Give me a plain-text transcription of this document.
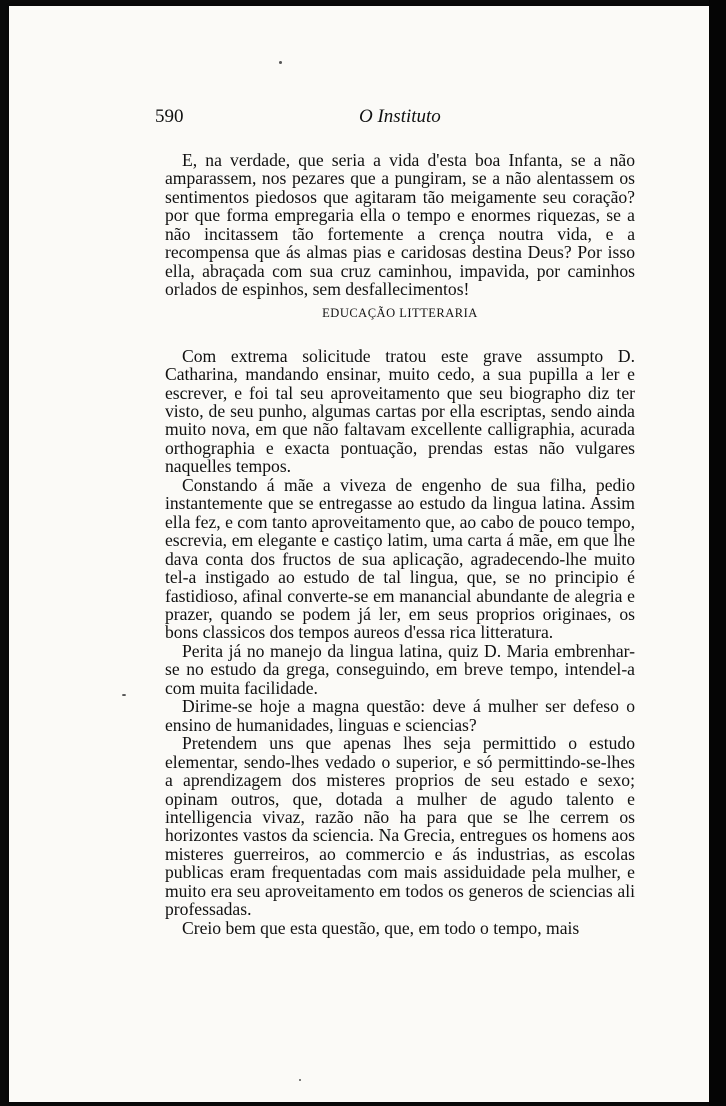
590	O Instituto

E, na verdade, que seria a vida d'esta boa Infanta, se a não amparassem, nos pezares que a pungiram, se a não alentassem os sentimentos piedosos que agitaram tão meigamente seu coração? por que forma empregaria ella o tempo e enormes riquezas, se a não incitassem tão fortemente a crença noutra vida, e a recompensa que ás almas pias e caridosas destina Deus? Por isso ella, abraçada com sua cruz caminhou, impavida, por caminhos orlados de espinhos, sem desfallecimentos!

EDUCAÇÃO LITTERARIA

Com extrema solicitude tratou este grave assumpto D. Catharina, mandando ensinar, muito cedo, a sua pupilla a ler e escrever, e foi tal seu aproveitamento que seu biographo diz ter visto, de seu punho, algumas cartas por ella escriptas, sendo ainda muito nova, em que não faltavam excellente calligraphia, acurada orthographia e exacta pontuação, prendas estas não vulgares naquelles tempos.

Constando á mãe a viveza de engenho de sua filha, pedio instantemente que se entregasse ao estudo da lingua latina. Assim ella fez, e com tanto aproveitamento que, ao cabo de pouco tempo, escrevia, em elegante e castiço latim, uma carta á mãe, em que lhe dava conta dos fructos de sua aplicação, agradecendo-lhe muito tel-a instigado ao estudo de tal lingua, que, se no principio é fastidioso, afinal converte-se em manancial abundante de alegria e prazer, quando se podem já ler, em seus proprios originaes, os bons classicos dos tempos aureos d'essa rica litteratura.

Perita já no manejo da lingua latina, quiz D. Maria embrenhar-se no estudo da grega, conseguindo, em breve tempo, intendel-a com muita facilidade.

Dirime-se hoje a magna questão: deve á mulher ser defeso o ensino de humanidades, linguas e sciencias?

Pretendem uns que apenas lhes seja permittido o estudo elementar, sendo-lhes vedado o superior, e só permittindo-se-lhes a aprendizagem dos misteres proprios de seu estado e sexo; opinam outros, que, dotada a mulher de agudo talento e intelligencia vivaz, razão não ha para que se lhe cerrem os horizontes vastos da sciencia. Na Grecia, entregues os homens aos misteres guerreiros, ao commercio e ás industrias, as escolas publicas eram frequentadas com mais assiduidade pela mulher, e muito era seu aproveitamento em todos os generos de sciencias ali professadas.

Creio bem que esta questão, que, em todo o tempo, mais
